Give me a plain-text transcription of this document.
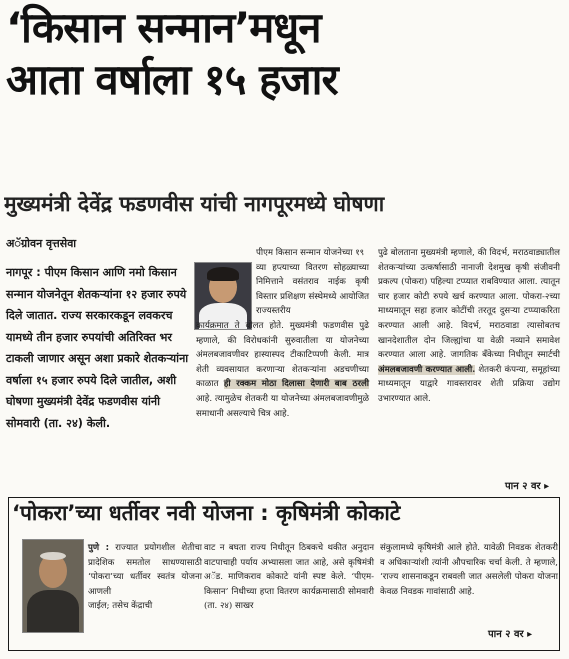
‘किसान सन्मान’मधून
आता वर्षाला १५ हजार
मुख्यमंत्री देवेंद्र फडणवीस यांची नागपूरमध्ये घोषणा
अॅग्रोवन वृत्तसेवा

नागपूर : पीएम किसान आणि नमो किसान सन्मान योजनेतून शेतकऱ्यांना १२ हजार रुपये दिले जातात. राज्य सरकारकडून लवकरच यामध्ये तीन हजार रुपयांची अतिरिक्त भर टाकली जाणार असून अशा प्रकारे शेतकऱ्यांना वर्षाला १५ हजार रुपये दिले जातील, अशी घोषणा मुख्यमंत्री देवेंद्र फडणवीस यांनी सोमवारी (ता. २४) केली.

पीएम किसान सन्मान योजनेच्या १९

व्या हप्त्याच्या वितरण सोहळ्याच्या निमित्ताने वसंतराव नाईक कृषी विस्तार प्रशिक्षण संस्थेमध्ये आयोजित राज्यस्तरीय

कार्यक्रमात ते बोलत होते. मुख्यमंत्री फडणवीस पुढे म्हणाले, की विरोधकांनी सुरुवातीला या योजनेच्या अंमलबजावणीवर हास्यास्पद टीकाटिप्पणी केली. मात्र शेती व्यवसायात करणाऱ्या शेतकऱ्यांना अडचणीच्या काळात ही रक्कम मोठा दिलासा देणारी बाब ठरली आहे. त्यामुळेच शेतकरी या योजनेच्या अंमलबजावणीमुळे समाधानी असल्याचे चित्र आहे.

पुढे बोलताना मुख्यमंत्री म्हणाले, की विदर्भ, मराठवाड्यातील शेतकऱ्यांच्या उत्कर्षासाठी नानाजी देशमुख कृषी संजीवनी प्रकल्प (पोकरा) पहिल्या टप्प्यात राबविण्यात आला. त्यातून चार हजार कोटी रुपये खर्च करण्यात आला. पोकरा-२च्या माध्यमातून सहा हजार कोटींची तरतूद दुसऱ्या टप्प्याकरिता करण्यात आली आहे. विदर्भ, मराठवाडा त्यासोबतच खानदेशातील दोन जिल्ह्यांचा या वेळी नव्याने समावेश करण्यात आला आहे. जागतिक बँकेच्या निधीतून स्मार्टची अंमलबजावणी करण्यात आली. शेतकरी कंपन्या, समूहांच्या माध्यमातून याद्वारे गावस्तरावर शेती प्रक्रिया उद्योग उभारण्यात आले.

पान २ वर ▸
‘पोकरा’च्या धर्तीवर नवी योजना : कृषिमंत्री कोकाटे

पुणे : राज्यात प्रयोगशील शेतीचा प्रादेशिक समतोल साधण्यासाठी ‘पोकरा’च्या धर्तीवर स्वतंत्र योजना आणली

जाईल; तसेच केंद्राची

वाट न बघता राज्य निधीतून ठिबकचे थकीत अनुदान वाटपाचाही पर्याय अभ्यासला जात आहे, असे कृषिमंत्री अॅड. माणिकराव कोकाटे यांनी स्पष्ट केले. ‘पीएम-किसान’ निधीच्या हप्ता वितरण कार्यक्रमासाठी सोमवारी (ता. २४) साखर

संकुलामध्ये कृषिमंत्री आले होते. यावेळी निवडक शेतकरी व अधिकाऱ्यांशी त्यांनी औपचारिक चर्चा केली. ते म्हणाले, ‘राज्य शासनाकडून राबवली जात असलेली पोकरा योजना केवळ निवडक गावांसाठी आहे.

पान २ वर ▸
